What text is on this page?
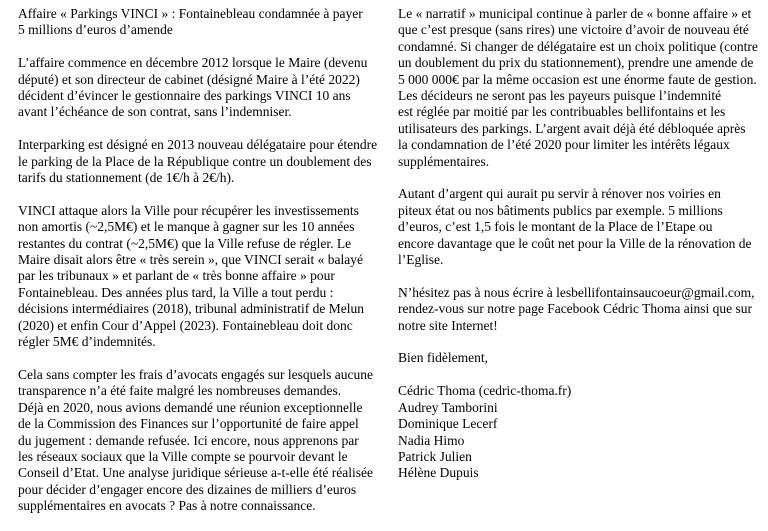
Affaire « Parkings VINCI » : Fontainebleau condamnée à payer
5 millions d’euros d’amende
L’affaire commence en décembre 2012 lorsque le Maire (devenu
député) et son directeur de cabinet (désigné Maire à l’été 2022)
décident d’évincer le gestionnaire des parkings VINCI 10 ans
avant l’échéance de son contrat, sans l’indemniser.
Interparking est désigné en 2013 nouveau délégataire pour étendre
le parking de la Place de la République contre un doublement des
tarifs du stationnement (de 1€/h à 2€/h).
VINCI attaque alors la Ville pour récupérer les investissements
non amortis (~2,5M€) et le manque à gagner sur les 10 années
restantes du contrat (~2,5M€) que la Ville refuse de régler. Le
Maire disait alors être « très serein », que VINCI serait « balayé
par les tribunaux » et parlant de « très bonne affaire » pour
Fontainebleau. Des années plus tard, la Ville a tout perdu :
décisions intermédiaires (2018), tribunal administratif de Melun
(2020) et enfin Cour d’Appel (2023). Fontainebleau doit donc
régler 5M€ d’indemnités.
Cela sans compter les frais d’avocats engagés sur lesquels aucune
transparence n’a été faite malgré les nombreuses demandes.
Déjà en 2020, nous avions demandé une réunion exceptionnelle
de la Commission des Finances sur l’opportunité de faire appel
du jugement : demande refusée. Ici encore, nous apprenons par
les réseaux sociaux que la Ville compte se pourvoir devant le
Conseil d’Etat. Une analyse juridique sérieuse a-t-elle été réalisée
pour décider d’engager encore des dizaines de milliers d’euros
supplémentaires en avocats ? Pas à notre connaissance.
Le « narratif » municipal continue à parler de « bonne affaire » et
que c’est presque (sans rires) une victoire d’avoir de nouveau été
condamné. Si changer de délégataire est un choix politique (contre
un doublement du prix du stationnement), prendre une amende de
5 000 000€ par la même occasion est une énorme faute de gestion.
Les décideurs ne seront pas les payeurs puisque l’indemnité
est réglée par moitié par les contribuables bellifontains et les
utilisateurs des parkings. L’argent avait déjà été débloquée après
la condamnation de l’été 2020 pour limiter les intérêts légaux
supplémentaires.
Autant d’argent qui aurait pu servir à rénover nos voiries en
piteux état ou nos bâtiments publics par exemple. 5 millions
d’euros, c’est 1,5 fois le montant de la Place de l’Etape ou
encore davantage que le coût net pour la Ville de la rénovation de
l’Eglise.
N’hésitez pas à nous écrire à lesbellifontainsaucoeur@gmail.com,
rendez-vous sur notre page Facebook Cédric Thoma ainsi que sur
notre site Internet!
Bien fidèlement,
Cédric Thoma (cedric-thoma.fr)
Audrey Tamborini
Dominique Lecerf
Nadia Himo
Patrick Julien
Hélène Dupuis
